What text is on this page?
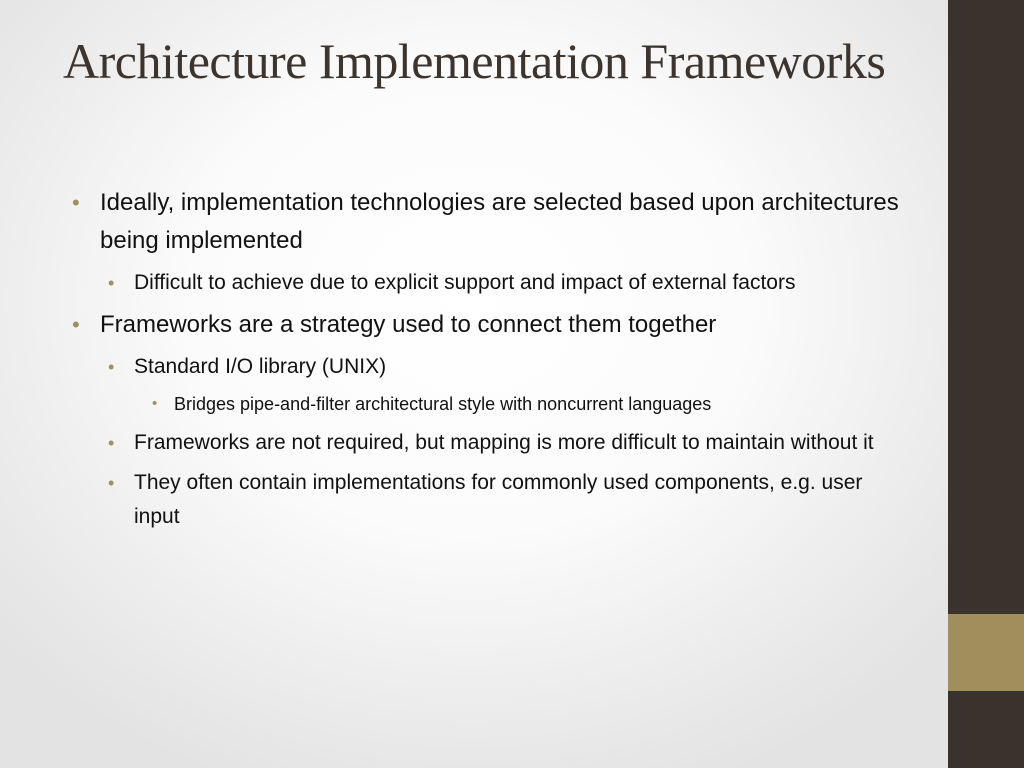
Architecture Implementation Frameworks
• Ideally, implementation technologies are selected based upon architectures being implemented
• Difficult to achieve due to explicit support and impact of external factors
• Frameworks are a strategy used to connect them together
• Standard I/O library (UNIX)
• Bridges pipe-and-filter architectural style with noncurrent languages
• Frameworks are not required, but mapping is more difficult to maintain without it
• They often contain implementations for commonly used components, e.g. user input
